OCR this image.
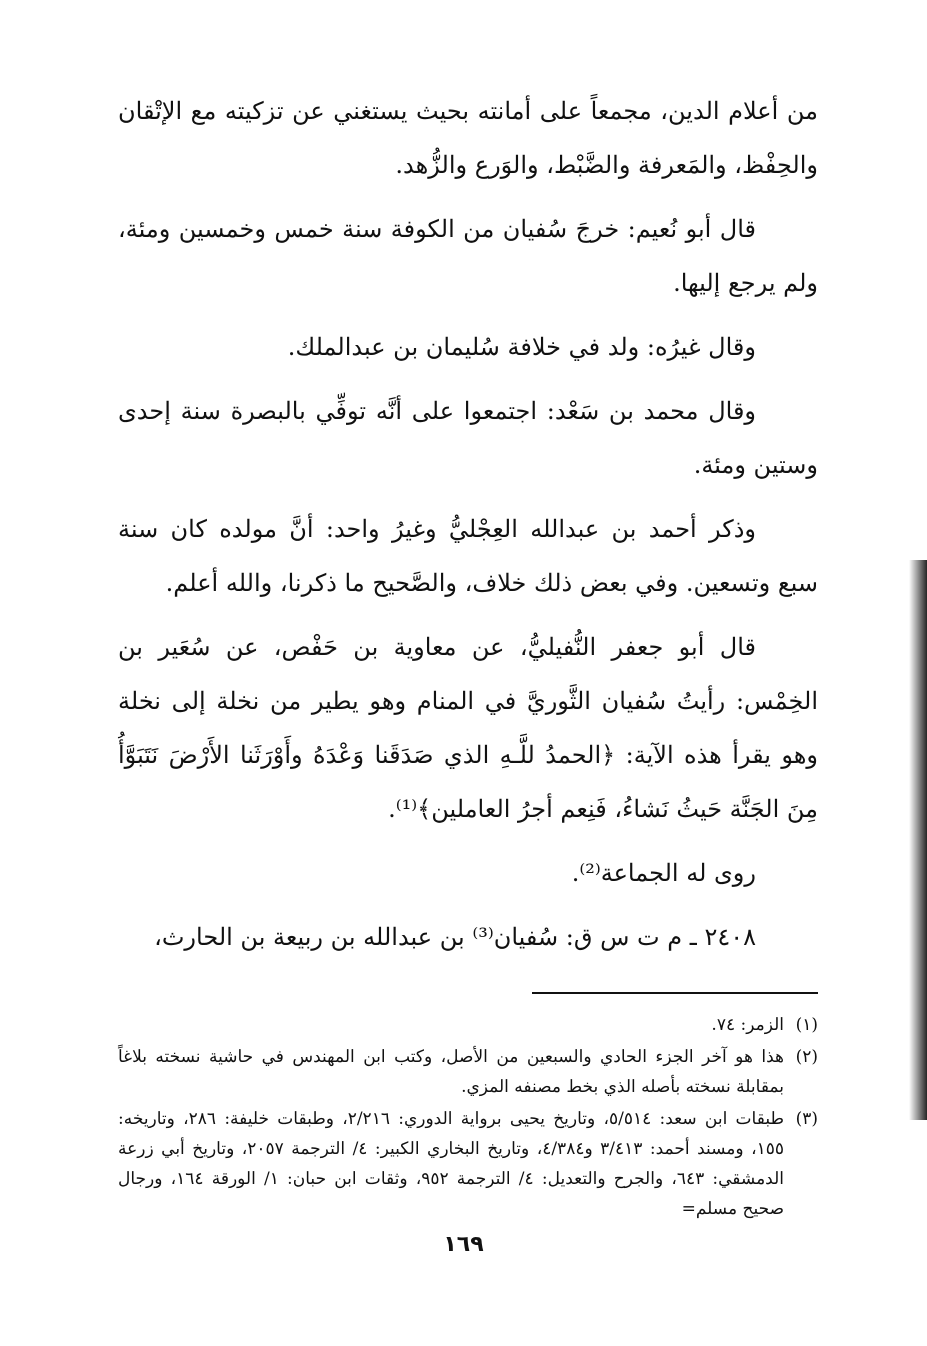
من أعلام الدين، مجمعاً على أمانته بحيث يستغني عن تزكيته مع الإتْقان والحِفْظ، والمَعرفة والضَّبْط، والوَرع والزُّهد.

قال أبو نُعيم: خرجَ سُفيان من الكوفة سنة خمس وخمسين ومئة، ولم يرجع إليها.

وقال غيرُه: ولد في خلافة سُليمان بن عبدالملك.

وقال محمد بن سَعْد: اجتمعوا على أنَّه توفِّي بالبصرة سنة إحدى وستين ومئة.

وذكر أحمد بن عبدالله العِجْليُّ وغيرُ واحد: أنَّ مولده كان سنة سبع وتسعين. وفي بعض ذلك خلاف، والصَّحيح ما ذكرنا، والله أعلم.

قال أبو جعفر النُّفيليُّ، عن معاوية بن حَفْص، عن سُعَير بن الخِمْس: رأيتُ سُفيان الثَّوريَّ في المنام وهو يطير من نخلة إلى نخلة وهو يقرأ هذه الآية: ﴿الحمدُ للَّـهِ الذي صَدَقَنا وَعْدَهُ وأَوْرَثَنا الأَرْضَ نَتَبَوَّأُ مِنَ الجَنَّة حَيثُ نَشاءُ، فَنِعم أجرُ العاملين﴾⁽¹⁾.

روى له الجماعة⁽²⁾.

٢٤٠٨ ـ م ت س ق: سُفيان⁽³⁾ بن عبدالله بن ربيعة بن الحارث،

(١)
الزمر: ٧٤.
(٢)
هذا هو آخر الجزء الحادي والسبعين من الأصل، وكتب ابن المهندس في حاشية نسخته بلاغاً بمقابلة نسخته بأصله الذي بخط مصنفه المزي.
(٣)
طبقات ابن سعد: ٥/٥١٤، وتاريخ يحيى برواية الدوري: ٢/٢١٦، وطبقات خليفة: ٢٨٦، وتاريخه: ١٥٥، ومسند أحمد: ٣/٤١٣ و٤/٣٨٤، وتاريخ البخاري الكبير: ٤/ الترجمة ٢٠٥٧، وتاريخ أبي زرعة الدمشقي: ٦٤٣، والجرح والتعديل: ٤/ الترجمة ٩٥٢، وثقات ابن حبان: ١/ الورقة ١٦٤، ورجال صحيح مسلم=
١٦٩
